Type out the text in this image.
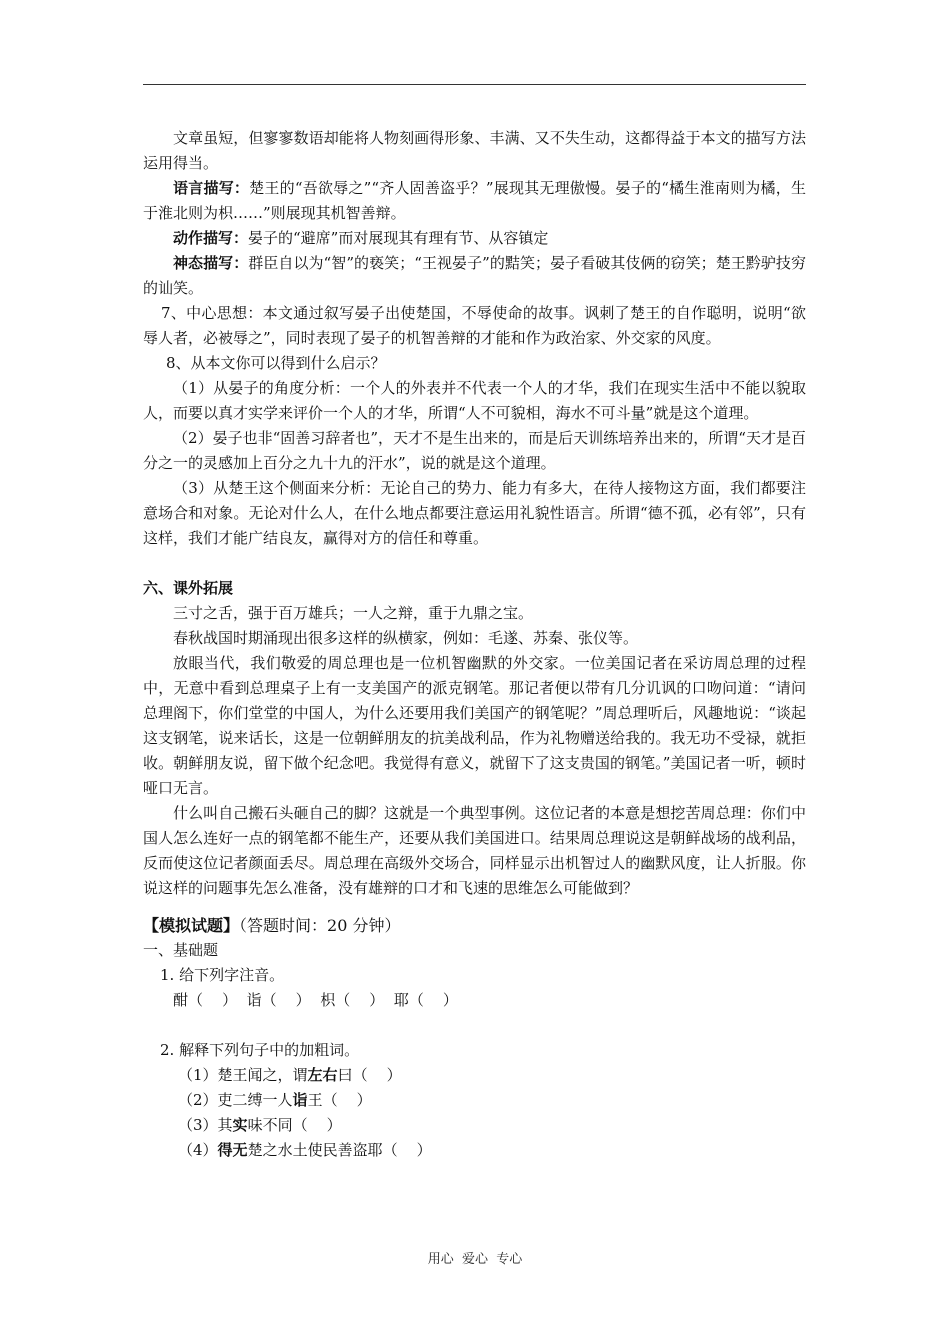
文章虽短，但寥寥数语却能将人物刻画得形象、丰满、又不失生动，这都得益于本文的描写方法运用得当。

语言描写：楚王的“吾欲辱之”“齐人固善盗乎？”展现其无理傲慢。晏子的“橘生淮南则为橘，生于淮北则为枳……”则展现其机智善辩。

动作描写：晏子的“避席”而对展现其有理有节、从容镇定

神态描写：群臣自以为“智”的亵笑；“王视晏子”的黠笑；晏子看破其伎俩的窃笑；楚王黔驴技穷的讪笑。

7、中心思想：本文通过叙写晏子出使楚国，不辱使命的故事。讽刺了楚王的自作聪明，说明“欲辱人者，必被辱之”，同时表现了晏子的机智善辩的才能和作为政治家、外交家的风度。

8、从本文你可以得到什么启示？

（1）从晏子的角度分析：一个人的外表并不代表一个人的才华，我们在现实生活中不能以貌取人，而要以真才实学来评价一个人的才华，所谓“人不可貌相，海水不可斗量”就是这个道理。

（2）晏子也非“固善习辞者也”，天才不是生出来的，而是后天训练培养出来的，所谓“天才是百分之一的灵感加上百分之九十九的汗水”，说的就是这个道理。

（3）从楚王这个侧面来分析：无论自己的势力、能力有多大，在待人接物这方面，我们都要注意场合和对象。无论对什么人，在什么地点都要注意运用礼貌性语言。所谓“德不孤，必有邻”，只有这样，我们才能广结良友，赢得对方的信任和尊重。

六、课外拓展

三寸之舌，强于百万雄兵；一人之辩，重于九鼎之宝。

春秋战国时期涌现出很多这样的纵横家，例如：毛遂、苏秦、张仪等。

放眼当代，我们敬爱的周总理也是一位机智幽默的外交家。一位美国记者在采访周总理的过程中，无意中看到总理桌子上有一支美国产的派克钢笔。那记者便以带有几分讥讽的口吻问道：“请问总理阁下，你们堂堂的中国人，为什么还要用我们美国产的钢笔呢？”周总理听后，风趣地说：“谈起这支钢笔，说来话长，这是一位朝鲜朋友的抗美战利品，作为礼物赠送给我的。我无功不受禄，就拒收。朝鲜朋友说，留下做个纪念吧。我觉得有意义，就留下了这支贵国的钢笔。”美国记者一听，顿时哑口无言。

什么叫自己搬石头砸自己的脚？这就是一个典型事例。这位记者的本意是想挖苦周总理：你们中国人怎么连好一点的钢笔都不能生产，还要从我们美国进口。结果周总理说这是朝鲜战场的战利品，反而使这位记者颜面丢尽。周总理在高级外交场合，同样显示出机智过人的幽默风度，让人折服。你说这样的问题事先怎么准备，没有雄辩的口才和飞速的思维怎么可能做到？

【模拟试题】（答题时间：20 分钟）

一、基础题

1. 给下列字注音。

酣（    ）  诣（    ）  枳（    ）  耶（    ）

2. 解释下列句子中的加粗词。

（1）楚王闻之，谓左右曰（    ）

（2）吏二缚一人诣王（    ）

（3）其实味不同（    ）

（4）得无楚之水土使民善盗耶（    ）

用心  爱心  专心
